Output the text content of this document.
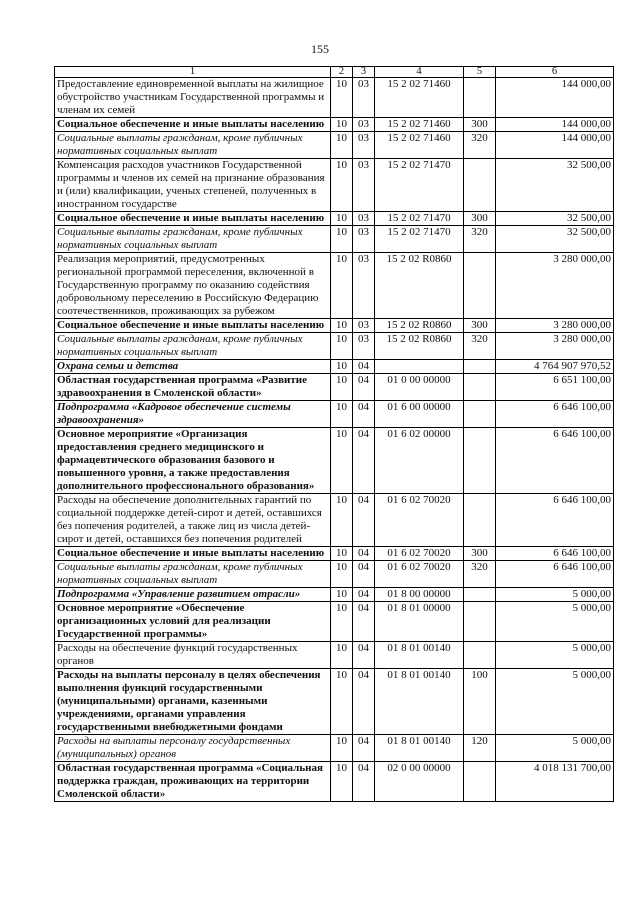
155
1	2	3	4	5	6
Предоставление единовременной выплаты на жилищное обустройство участникам Государственной программы и членам их семей	10	03	15 2 02 71460		144 000,00
Социальное обеспечение и иные выплаты населению	10	03	15 2 02 71460	300	144 000,00
Социальные выплаты гражданам, кроме публичных нормативных социальных выплат	10	03	15 2 02 71460	320	144 000,00
Компенсация расходов участников Государственной программы и членов их семей на признание образования и (или) квалификации, ученых степеней, полученных в иностранном государстве	10	03	15 2 02 71470		32 500,00
Социальное обеспечение и иные выплаты населению	10	03	15 2 02 71470	300	32 500,00
Социальные выплаты гражданам, кроме публичных нормативных социальных выплат	10	03	15 2 02 71470	320	32 500,00
Реализация мероприятий, предусмотренных региональной программой переселения, включенной в Государственную программу по оказанию содействия добровольному переселению в Российскую Федерацию соотечественников, проживающих за рубежом	10	03	15 2 02 R0860		3 280 000,00
Социальное обеспечение и иные выплаты населению	10	03	15 2 02 R0860	300	3 280 000,00
Социальные выплаты гражданам, кроме публичных нормативных социальных выплат	10	03	15 2 02 R0860	320	3 280 000,00
Охрана семьи и детства	10	04			4 764 907 970,52
Областная государственная программа «Развитие здравоохранения в Смоленской области»	10	04	01 0 00 00000		6 651 100,00
Подпрограмма «Кадровое обеспечение системы здравоохранения»	10	04	01 6 00 00000		6 646 100,00
Основное мероприятие «Организация предоставления среднего медицинского и фармацевтического образования базового и повышенного уровня, а также предоставления дополнительного профессионального образования»	10	04	01 6 02 00000		6 646 100,00
Расходы на обеспечение дополнительных гарантий по социальной поддержке детей-сирот и детей, оставшихся без попечения родителей, а также лиц из числа детей-сирот и детей, оставшихся без попечения родителей	10	04	01 6 02 70020		6 646 100,00
Социальное обеспечение и иные выплаты населению	10	04	01 6 02 70020	300	6 646 100,00
Социальные выплаты гражданам, кроме публичных нормативных социальных выплат	10	04	01 6 02 70020	320	6 646 100,00
Подпрограмма «Управление развитием отрасли»	10	04	01 8 00 00000		5 000,00
Основное мероприятие «Обеспечение организационных условий для реализации Государственной программы»	10	04	01 8 01 00000		5 000,00
Расходы на обеспечение функций государственных органов	10	04	01 8 01 00140		5 000,00
Расходы на выплаты персоналу в целях обеспечения выполнения функций государственными (муниципальными) органами, казенными учреждениями, органами управления государственными внебюджетными фондами	10	04	01 8 01 00140	100	5 000,00
Расходы на выплаты персоналу государственных (муниципальных) органов	10	04	01 8 01 00140	120	5 000,00
Областная государственная программа «Социальная поддержка граждан, проживающих на территории Смоленской области»	10	04	02 0 00 00000		4 018 131 700,00
